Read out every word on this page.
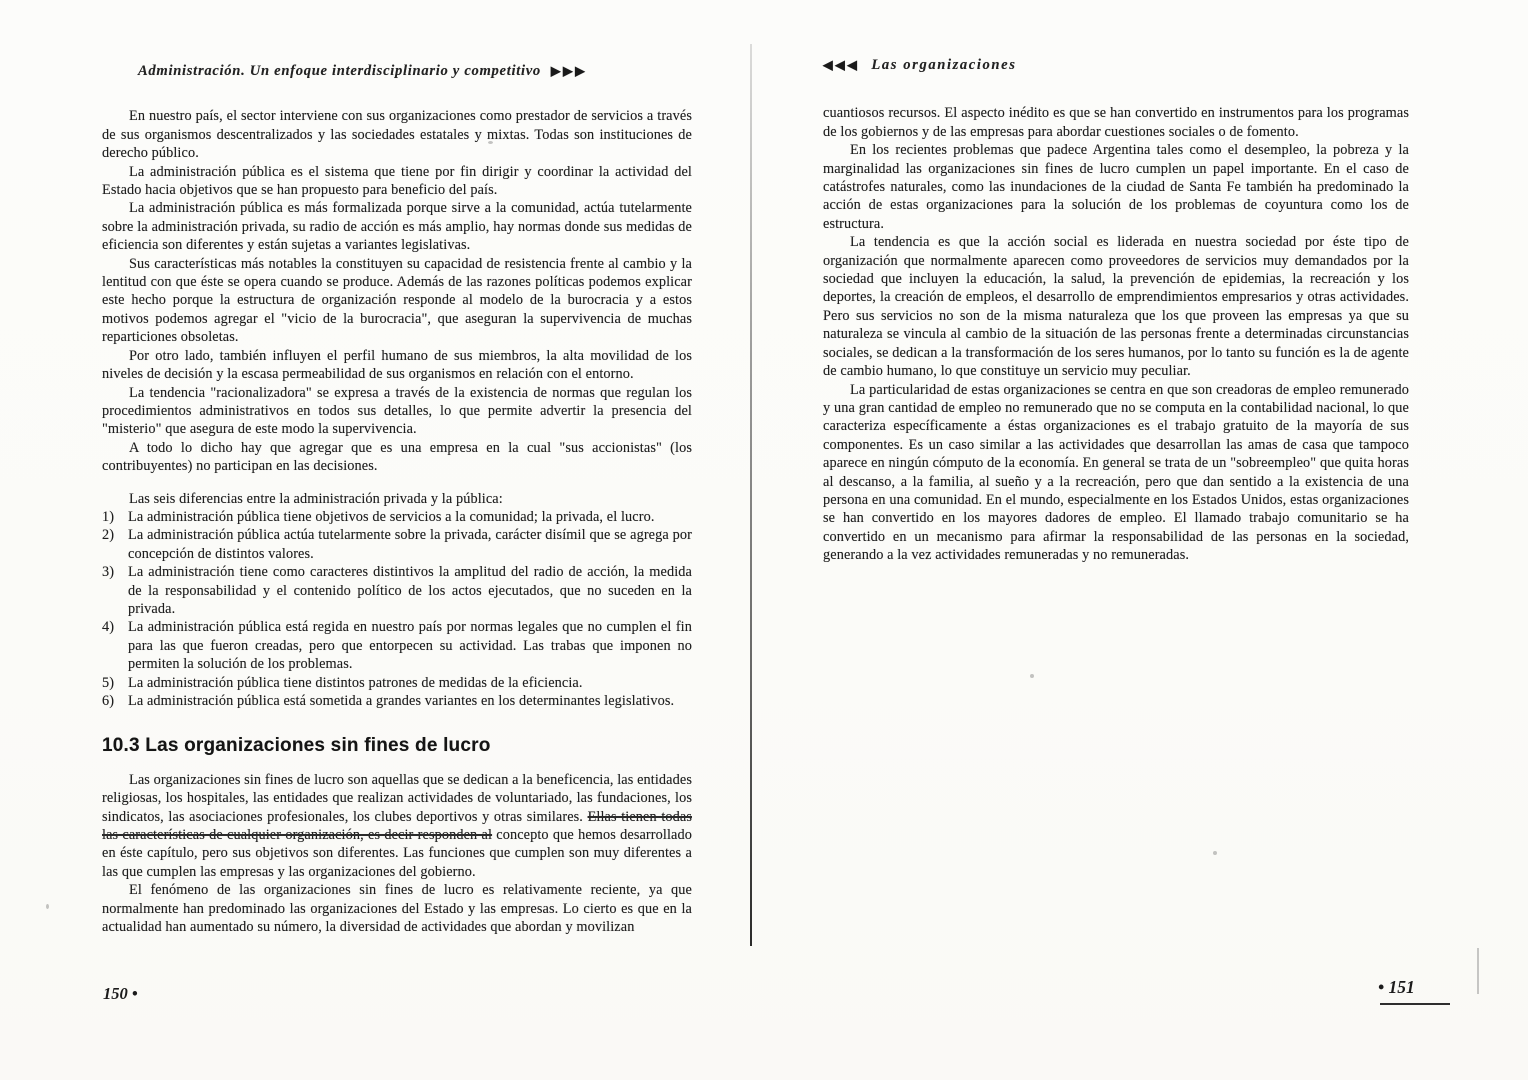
Administración. Un enfoque interdisciplinario y competitivo ▶▶▶

En nuestro país, el sector interviene con sus organizaciones como prestador de servicios a través de sus organismos descentralizados y las sociedades estatales y mixtas. Todas son instituciones de derecho público.

La administración pública es el sistema que tiene por fin dirigir y coordinar la actividad del Estado hacia objetivos que se han propuesto para beneficio del país.

La administración pública es más formalizada porque sirve a la comunidad, actúa tutelarmente sobre la administración privada, su radio de acción es más amplio, hay normas donde sus medidas de eficiencia son diferentes y están sujetas a variantes legislativas.

Sus características más notables la constituyen su capacidad de resistencia frente al cambio y la lentitud con que éste se opera cuando se produce. Además de las razones políticas podemos explicar este hecho porque la estructura de organización responde al modelo de la burocracia y a estos motivos podemos agregar el "vicio de la burocracia", que aseguran la supervivencia de muchas reparticiones obsoletas.

Por otro lado, también influyen el perfil humano de sus miembros, la alta movilidad de los niveles de decisión y la escasa permeabilidad de sus organismos en relación con el entorno.

La tendencia "racionalizadora" se expresa a través de la existencia de normas que regulan los procedimientos administrativos en todos sus detalles, lo que permite advertir la presencia del "misterio" que asegura de este modo la supervivencia.

A todo lo dicho hay que agregar que es una empresa en la cual "sus accionistas" (los contribuyentes) no participan en las decisiones.

Las seis diferencias entre la administración privada y la pública:

1) La administración pública tiene objetivos de servicios a la comunidad; la privada, el lucro.
2) La administración pública actúa tutelarmente sobre la privada, carácter disímil que se agrega por concepción de distintos valores.
3) La administración tiene como caracteres distintivos la amplitud del radio de acción, la medida de la responsabilidad y el contenido político de los actos ejecutados, que no suceden en la privada.
4) La administración pública está regida en nuestro país por normas legales que no cumplen el fin para las que fueron creadas, pero que entorpecen su actividad. Las trabas que imponen no permiten la solución de los problemas.
5) La administración pública tiene distintos patrones de medidas de la eficiencia.
6) La administración pública está sometida a grandes variantes en los determinantes legislativos.
10.3 Las organizaciones sin fines de lucro

Las organizaciones sin fines de lucro son aquellas que se dedican a la beneficencia, las entidades religiosas, los hospitales, las entidades que realizan actividades de voluntariado, las fundaciones, los sindicatos, las asociaciones profesionales, los clubes deportivos y otras similares. Ellas tienen todas las características de cualquier organización, es decir responden al concepto que hemos desarrollado en éste capítulo, pero sus objetivos son diferentes. Las funciones que cumplen son muy diferentes a las que cumplen las empresas y las organizaciones del gobierno.

El fenómeno de las organizaciones sin fines de lucro es relativamente reciente, ya que normalmente han predominado las organizaciones del Estado y las empresas. Lo cierto es que en la actualidad han aumentado su número, la diversidad de actividades que abordan y movilizan

◀◀◀ Las organizaciones

cuantiosos recursos. El aspecto inédito es que se han convertido en instrumentos para los programas de los gobiernos y de las empresas para abordar cuestiones sociales o de fomento.

En los recientes problemas que padece Argentina tales como el desempleo, la pobreza y la marginalidad las organizaciones sin fines de lucro cumplen un papel importante. En el caso de catástrofes naturales, como las inundaciones de la ciudad de Santa Fe también ha predominado la acción de estas organizaciones para la solución de los problemas de coyuntura como los de estructura.

La tendencia es que la acción social es liderada en nuestra sociedad por éste tipo de organización que normalmente aparecen como proveedores de servicios muy demandados por la sociedad que incluyen la educación, la salud, la prevención de epidemias, la recreación y los deportes, la creación de empleos, el desarrollo de emprendimientos empresarios y otras actividades. Pero sus servicios no son de la misma naturaleza que los que proveen las empresas ya que su naturaleza se vincula al cambio de la situación de las personas frente a determinadas circunstancias sociales, se dedican a la transformación de los seres humanos, por lo tanto su función es la de agente de cambio humano, lo que constituye un servicio muy peculiar.

La particularidad de estas organizaciones se centra en que son creadoras de empleo remunerado y una gran cantidad de empleo no remunerado que no se computa en la contabilidad nacional, lo que caracteriza específicamente a éstas organizaciones es el trabajo gratuito de la mayoría de sus componentes. Es un caso similar a las actividades que desarrollan las amas de casa que tampoco aparece en ningún cómputo de la economía. En general se trata de un "sobreempleo" que quita horas al descanso, a la familia, al sueño y a la recreación, pero que dan sentido a la existencia de una persona en una comunidad. En el mundo, especialmente en los Estados Unidos, estas organizaciones se han convertido en los mayores dadores de empleo. El llamado trabajo comunitario se ha convertido en un mecanismo para afirmar la responsabilidad de las personas en la sociedad, generando a la vez actividades remuneradas y no remuneradas.

150 •	• 151
